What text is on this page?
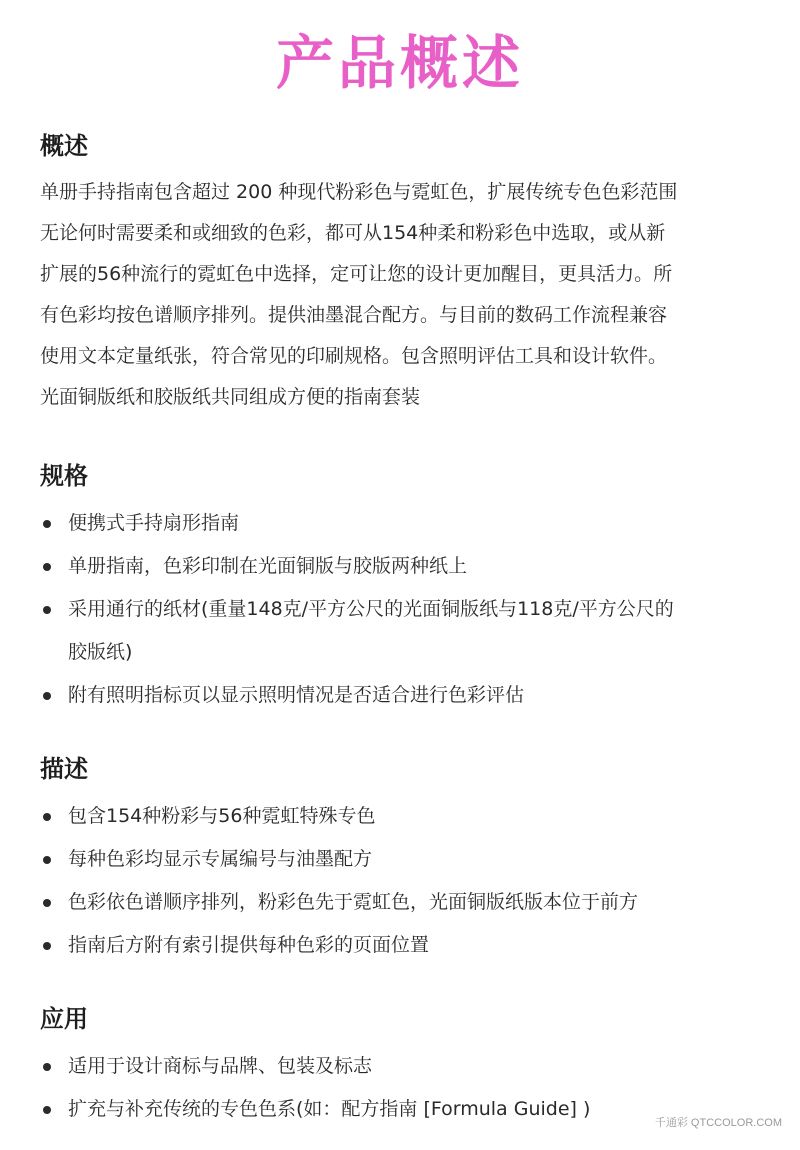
产品概述
概述
单册手持指南包含超过 200 种现代粉彩色与霓虹色，扩展传统专色色彩范围
无论何时需要柔和或细致的色彩，都可从154种柔和粉彩色中选取，或从新
扩展的56种流行的霓虹色中选择，定可让您的设计更加醒目，更具活力。所
有色彩均按色谱顺序排列。提供油墨混合配方。与目前的数码工作流程兼容
使用文本定量纸张，符合常见的印刷规格。包含照明评估工具和设计软件。
光面铜版纸和胶版纸共同组成方便的指南套装
规格
便携式手持扇形指南
单册指南，色彩印制在光面铜版与胶版两种纸上
采用通行的纸材(重量148克/平方公尺的光面铜版纸与118克/平方公尺的
胶版纸)
附有照明指标页以显示照明情况是否适合进行色彩评估
描述
包含154种粉彩与56种霓虹特殊专色
每种色彩均显示专属编号与油墨配方
色彩依色谱顺序排列，粉彩色先于霓虹色，光面铜版纸版本位于前方
指南后方附有索引提供每种色彩的页面位置
应用
适用于设计商标与品牌、包装及标志
扩充与补充传统的专色色系(如：配方指南 [Formula Guide] )
千通彩 QTCCOLOR.COM
